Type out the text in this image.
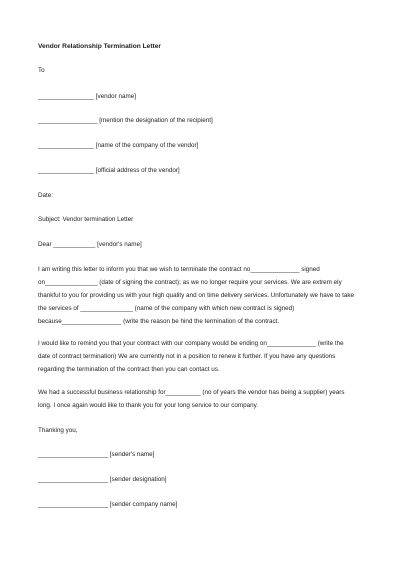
Vendor Relationship Termination Letter
To
________________ [vendor name]
_________________ [mention the designation of the recipient]
________________ [name of the company of the vendor]
________________ [official address of the vendor]
Date:
Subject: Vendor termination Letter
Dear ____________ [vendor's name]
I am writing this letter to inform you that we wish to terminate the contract no______________ signed on_______________ (date of signing the contract); as we no longer require your services. We are extrem ely thankful to you for providing us with your high quality and on time delivery services. Unfortunately we have to take the services of _______________ (name of the company with which new contract is signed) because_________________ (write the reason be hind the termination of the contract.
I would like to remind you that your contract with our company would be ending on______________ (write the date of contract termination) We are currently not in a position to renew it further. If you have any questions regarding the termination of the contract then you can contact us.
We had a successful business relationship for__________ (no of years the vendor has being a supplier) years long. I once again would like to thank you for your long service to our company.
Thanking you,
____________________ [sender's name]
____________________ [sender designation]
____________________ [sender company name]
